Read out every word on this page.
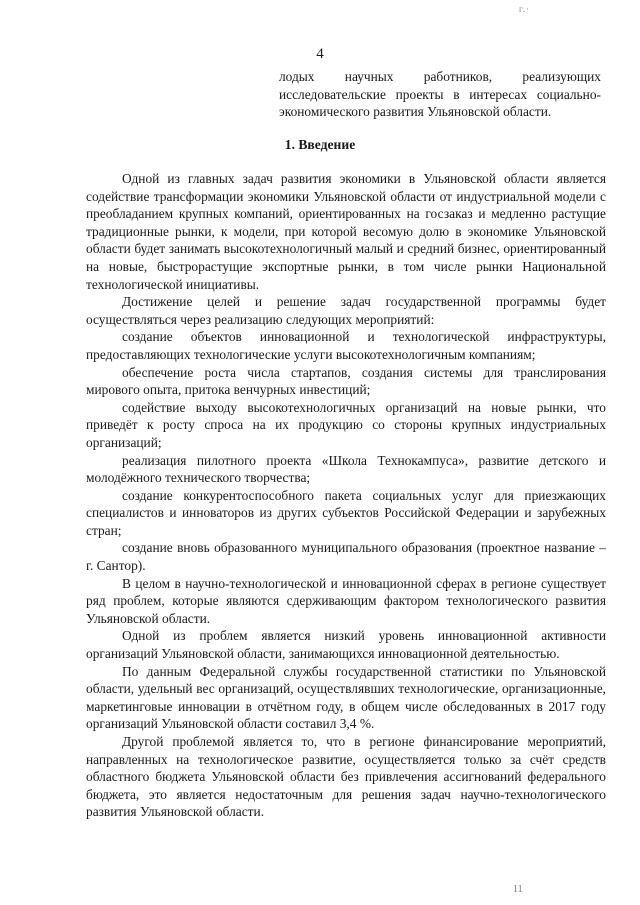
г.·
4
лодых научных работников, реализующих исследовательские проекты в интересах социально-экономического развития Ульяновской области.
1. Введение

Одной из главных задач развития экономики в Ульяновской области является содействие трансформации экономики Ульяновской области от индустриальной модели с преобладанием крупных компаний, ориентированных на госзаказ и медленно растущие традиционные рынки, к модели, при которой весомую долю в экономике Ульяновской области будет занимать высокотехнологичный малый и средний бизнес, ориентированный на новые, быстрорастущие экспортные рынки, в том числе рынки Национальной технологической инициативы.

Достижение целей и решение задач государственной программы будет осуществляться через реализацию следующих мероприятий:

создание объектов инновационной и технологической инфраструктуры, предоставляющих технологические услуги высокотехнологичным компаниям;

обеспечение роста числа стартапов, создания системы для транслирования мирового опыта, притока венчурных инвестиций;

содействие выходу высокотехнологичных организаций на новые рынки, что приведёт к росту спроса на их продукцию со стороны крупных индустриальных организаций;

реализация пилотного проекта «Школа Технокампуса», развитие детского и молодёжного технического творчества;

создание конкурентоспособного пакета социальных услуг для приезжающих специалистов и инноваторов из других субъектов Российской Федерации и зарубежных стран;

создание вновь образованного муниципального образования (проектное название – г. Сантор).

В целом в научно-технологической и инновационной сферах в регионе существует ряд проблем, которые являются сдерживающим фактором технологического развития Ульяновской области.

Одной из проблем является низкий уровень инновационной активности организаций Ульяновской области, занимающихся инновационной деятельностью.

По данным Федеральной службы государственной статистики по Ульяновской области, удельный вес организаций, осуществлявших технологические, организационные, маркетинговые инновации в отчётном году, в общем числе обследованных в 2017 году организаций Ульяновской области составил 3,4 %.

Другой проблемой является то, что в регионе финансирование мероприятий, направленных на технологическое развитие, осуществляется только за счёт средств областного бюджета Ульяновской области без привлечения ассигнований федерального бюджета, это является недостаточным для решения задач научно-технологического развития Ульяновской области.

11
